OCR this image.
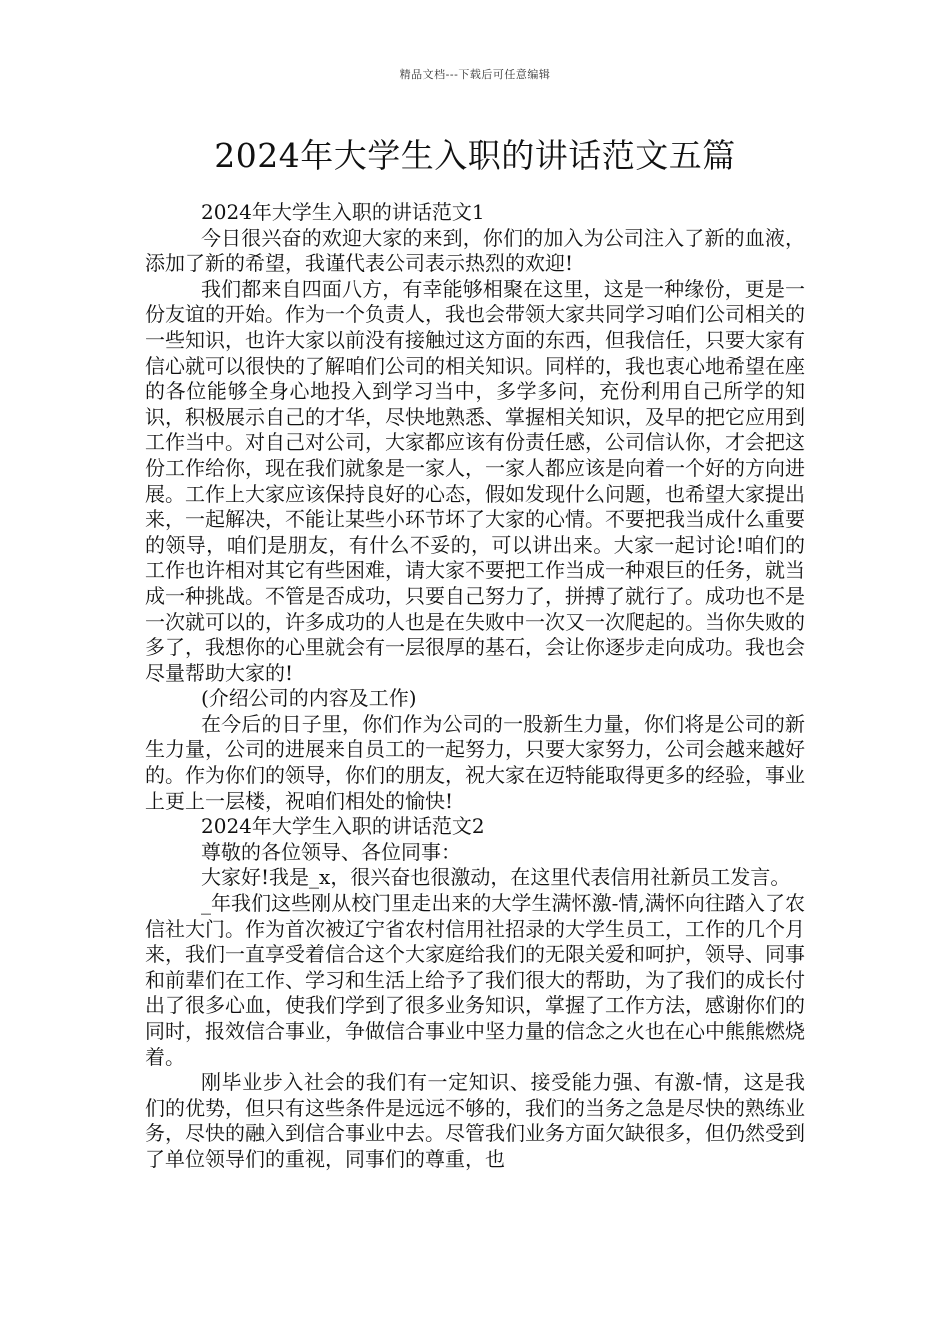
精品文档---下载后可任意编辑
2024年大学生入职的讲话范文五篇

2024年大学生入职的讲话范文1

今日很兴奋的欢迎大家的来到，你们的加入为公司注入了新的血液，添加了新的希望，我谨代表公司表示热烈的欢迎!

我们都来自四面八方，有幸能够相聚在这里，这是一种缘份，更是一份友谊的开始。作为一个负责人，我也会带领大家共同学习咱们公司相关的一些知识，也许大家以前没有接触过这方面的东西，但我信任，只要大家有信心就可以很快的了解咱们公司的相关知识。同样的，我也衷心地希望在座的各位能够全身心地投入到学习当中，多学多问，充份利用自己所学的知识，积极展示自己的才华，尽快地熟悉、掌握相关知识，及早的把它应用到工作当中。对自己对公司，大家都应该有份责任感，公司信认你，才会把这份工作给你，现在我们就象是一家人，一家人都应该是向着一个好的方向进展。工作上大家应该保持良好的心态，假如发现什么问题，也希望大家提出来，一起解决，不能让某些小环节坏了大家的心情。不要把我当成什么重要的领导，咱们是朋友，有什么不妥的，可以讲出来。大家一起讨论!咱们的工作也许相对其它有些困难，请大家不要把工作当成一种艰巨的任务，就当成一种挑战。不管是否成功，只要自己努力了，拼搏了就行了。成功也不是一次就可以的，许多成功的人也是在失败中一次又一次爬起的。当你失败的多了，我想你的心里就会有一层很厚的基石，会让你逐步走向成功。我也会尽量帮助大家的!

(介绍公司的内容及工作)

在今后的日子里，你们作为公司的一股新生力量，你们将是公司的新生力量，公司的进展来自员工的一起努力，只要大家努力，公司会越来越好的。作为你们的领导，你们的朋友，祝大家在迈特能取得更多的经验，事业上更上一层楼，祝咱们相处的愉快!

2024年大学生入职的讲话范文2

尊敬的各位领导、各位同事：

大家好!我是_x，很兴奋也很激动，在这里代表信用社新员工发言。

_年我们这些刚从校门里走出来的大学生满怀激-情,满怀向往踏入了农信社大门。作为首次被辽宁省农村信用社招录的大学生员工，工作的几个月来，我们一直享受着信合这个大家庭给我们的无限关爱和呵护，领导、同事和前辈们在工作、学习和生活上给予了我们很大的帮助，为了我们的成长付出了很多心血，使我们学到了很多业务知识，掌握了工作方法，感谢你们的同时，报效信合事业，争做信合事业中坚力量的信念之火也在心中熊熊燃烧着。

刚毕业步入社会的我们有一定知识、接受能力强、有激-情，这是我们的优势，但只有这些条件是远远不够的，我们的当务之急是尽快的熟练业务，尽快的融入到信合事业中去。尽管我们业务方面欠缺很多，但仍然受到了单位领导们的重视，同事们的尊重，也
